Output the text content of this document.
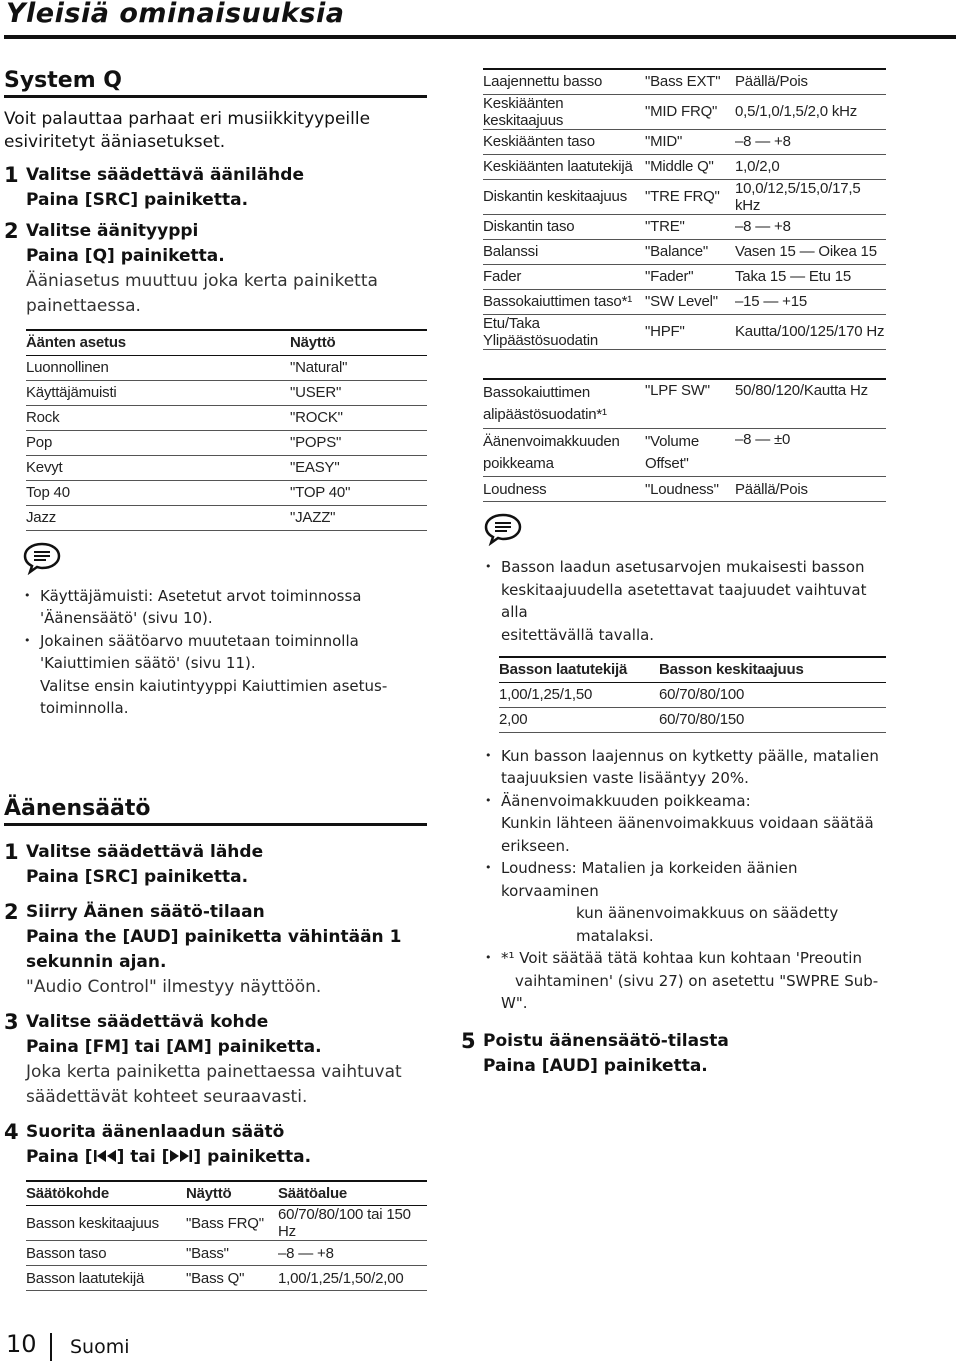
Yleisiä ominaisuuksia
System Q
Voit palauttaa parhaat eri musiikkityypeille esiviritetyt ääniasetukset.
1 Valitse säädettävä äänilähde
Paina [SRC] painiketta.
2 Valitse äänityyppi
Paina [Q] painiketta.
Ääniasetus muuttuu joka kerta painiketta painettaessa.
Äänten asetus	Näyttö
Luonnollinen	"Natural"
Käyttäjämuisti	"USER"
Rock	"ROCK"
Pop	"POPS"
Kevyt	"EASY"
Top 40	"TOP 40"
Jazz	"JAZZ"
• Käyttäjämuisti: Asetetut arvot toiminnossa
'Äänensäätö' (sivu 10).
• Jokainen säätöarvo muutetaan toiminnolla
'Kaiuttimien säätö' (sivu 11).
Valitse ensin kaiutintyyppi Kaiuttimien asetus-
toiminnolla.
Äänensäätö
1 Valitse säädettävä lähde
Paina [SRC] painiketta.
2 Siirry Äänen säätö-tilaan
Paina the [AUD] painiketta vähintään 1
sekunnin ajan.
"Audio Control" ilmestyy näyttöön.
3 Valitse säädettävä kohde
Paina [FM] tai [AM] painiketta.
Joka kerta painiketta painettaessa vaihtuvat
säädettävät kohteet seuraavasti.
4 Suorita äänenlaadun säätö
Paina [ ] tai [ ] painiketta.
Säätökohde	Näyttö	Säätöalue
Basson keskitaajuus	"Bass FRQ"	60/70/80/100 tai 150 Hz
Basson taso	"Bass"	–8 — +8
Basson laatutekijä	"Bass Q"	1,00/1,25/1,50/2,00
Laajennettu basso	"Bass EXT"	Päällä/Pois
Keskiäänten keskitaajuus	"MID FRQ"	0,5/1,0/1,5/2,0 kHz
Keskiäänten taso	"MID"	–8 — +8
Keskiäänten laatutekijä	"Middle Q"	1,0/2,0
Diskantin keskitaajuus	"TRE FRQ"	10,0/12,5/15,0/17,5 kHz
Diskantin taso	"TRE"	–8 — +8
Balanssi	"Balance"	Vasen 15 — Oikea 15
Fader	"Fader"	Taka 15 — Etu 15
Bassokaiuttimen taso*¹	"SW Level"	–15 — +15
Etu/Taka Ylipäästösuodatin	"HPF"	Kautta/100/125/170 Hz
Bassokaiuttimen
alipäästösuodatin*¹	"LPF SW"	50/80/120/Kautta Hz
Äänenvoimakkuuden
poikkeama	"Volume
Offset"	–8 — ±0
Loudness	"Loudness"	Päällä/Pois
• Basson laadun asetusarvojen mukaisesti basson
keskitaajuudella asetettavat taajuudet vaihtuvat alla
esitettävällä tavalla.
Basson laatutekijä	Basson keskitaajuus
1,00/1,25/1,50	60/70/80/100
2,00	60/70/80/150
• Kun basson laajennus on kytketty päälle, matalien
taajuuksien vaste lisääntyy 20%.
• Äänenvoimakkuuden poikkeama:
Kunkin lähteen äänenvoimakkuus voidaan säätää
erikseen.
• Loudness: Matalien ja korkeiden äänien korvaaminen
kun äänenvoimakkuus on säädetty
matalaksi.
• *¹ Voit säätää tätä kohtaa kun kohtaan 'Preoutin
vaihtaminen' (sivu 27) on asetettu "SWPRE Sub-W".
5 Poistu äänensäätö-tilasta
Paina [AUD] painiketta.
10 Suomi
